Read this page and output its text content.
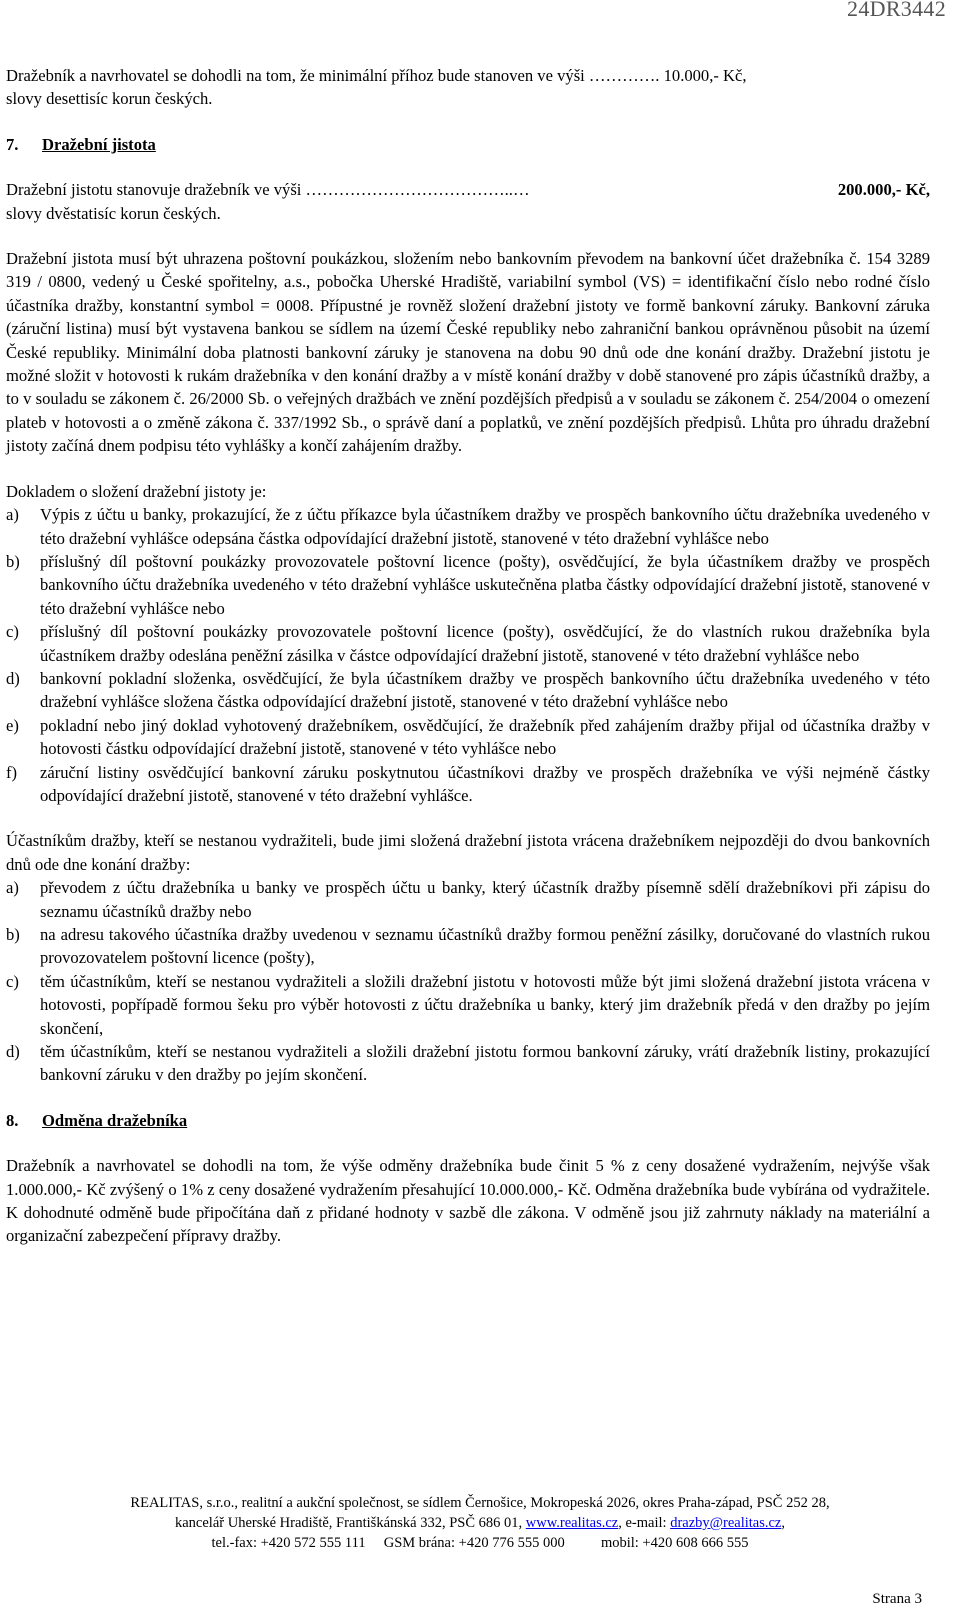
24DR3442

Dražebník a navrhovatel se dohodli na tom, že minimální příhoz bude stanoven ve výši …………. 10.000,- Kč,
slovy desettisíc korun českých.

7.	Dražební jistota
Dražební jistotu stanovuje dražebník ve výši ………………………………..…	200.000,- Kč,
slovy dvěstatisíc korun českých.

Dražební jistota musí být uhrazena poštovní poukázkou, složením nebo bankovním převodem na bankovní účet dražebníka č. 154 3289 319 / 0800, vedený u České spořitelny, a.s., pobočka Uherské Hradiště, variabilní symbol (VS) = identifikační číslo nebo rodné číslo účastníka dražby, konstantní symbol = 0008. Přípustné je rovněž složení dražební jistoty ve formě bankovní záruky. Bankovní záruka (záruční listina) musí být vystavena bankou se sídlem na území České republiky nebo zahraniční bankou oprávněnou působit na území České republiky. Minimální doba platnosti bankovní záruky je stanovena na dobu 90 dnů ode dne konání dražby. Dražební jistotu je možné složit v hotovosti k rukám dražebníka v den konání dražby a v místě konání dražby v době stanovené pro zápis účastníků dražby, a to v souladu se zákonem č. 26/2000 Sb. o veřejných dražbách ve znění pozdějších předpisů a v souladu se zákonem č. 254/2004 o omezení plateb v hotovosti a o změně zákona č. 337/1992 Sb., o správě daní a poplatků, ve znění pozdějších předpisů. Lhůta pro úhradu dražební jistoty začíná dnem podpisu této vyhlášky a končí zahájením dražby.

Dokladem o složení dražební jistoty je:

a)	Výpis z účtu u banky, prokazující, že z účtu příkazce byla účastníkem dražby ve prospěch bankovního účtu dražebníka uvedeného v této dražební vyhlášce odepsána částka odpovídající dražební jistotě, stanovené v této dražební vyhlášce nebo
b)	příslušný díl poštovní poukázky provozovatele poštovní licence (pošty), osvědčující, že byla účastníkem dražby ve prospěch bankovního účtu dražebníka uvedeného v této dražební vyhlášce uskutečněna platba částky odpovídající dražební jistotě, stanovené v této dražební vyhlášce nebo
c)	příslušný díl poštovní poukázky provozovatele poštovní licence (pošty), osvědčující, že do vlastních rukou dražebníka byla účastníkem dražby odeslána peněžní zásilka v částce odpovídající dražební jistotě, stanovené v této dražební vyhlášce nebo
d)	bankovní pokladní složenka, osvědčující, že byla účastníkem dražby ve prospěch bankovního účtu dražebníka uvedeného v této dražební vyhlášce složena částka odpovídající dražební jistotě, stanovené v této dražební vyhlášce nebo
e)	pokladní nebo jiný doklad vyhotovený dražebníkem, osvědčující, že dražebník před zahájením dražby přijal od účastníka dražby v hotovosti částku odpovídající dražební jistotě, stanovené v této vyhlášce nebo
f)	záruční listiny osvědčující bankovní záruku poskytnutou účastníkovi dražby ve prospěch dražebníka ve výši nejméně částky odpovídající dražební jistotě, stanovené v této dražební vyhlášce.

Účastníkům dražby, kteří se nestanou vydražiteli, bude jimi složená dražební jistota vrácena dražebníkem nejpozději do dvou bankovních dnů ode dne konání dražby:

a)	převodem z účtu dražebníka u banky ve prospěch účtu u banky, který účastník dražby písemně sdělí dražebníkovi při zápisu do seznamu účastníků dražby nebo
b)	na adresu takového účastníka dražby uvedenou v seznamu účastníků dražby formou peněžní zásilky, doručované do vlastních rukou provozovatelem poštovní licence (pošty),
c)	těm účastníkům, kteří se nestanou vydražiteli a složili dražební jistotu v hotovosti může být jimi složená dražební jistota vrácena v hotovosti, popřípadě formou šeku pro výběr hotovosti z účtu dražebníka u banky, který jim dražebník předá v den dražby po jejím skončení,
d)	těm účastníkům, kteří se nestanou vydražiteli a složili dražební jistotu formou bankovní záruky, vrátí dražebník listiny, prokazující bankovní záruku v den dražby po jejím skončení.
8.	Odměna dražebníka

Dražebník a navrhovatel se dohodli na tom, že výše odměny dražebníka bude činit 5 % z ceny dosažené vydražením, nejvýše však 1.000.000,- Kč zvýšený o 1% z ceny dosažené vydražením přesahující 10.000.000,- Kč. Odměna dražebníka bude vybírána od vydražitele. K dohodnuté odměně bude připočítána daň z přidané hodnoty v sazbě dle zákona. V odměně jsou již zahrnuty náklady na materiální a organizační zabezpečení přípravy dražby.

REALITAS, s.r.o., realitní a aukční společnost, se sídlem Černošice, Mokropeská 2026, okres Praha-západ, PSČ 252 28,
kancelář Uherské Hradiště, Františkánská 332, PSČ 686 01, www.realitas.cz, e-mail: drazby@realitas.cz,
tel.-fax: +420 572 555 111     GSM brána: +420 776 555 000          mobil: +420 608 666 555
Strana 3
